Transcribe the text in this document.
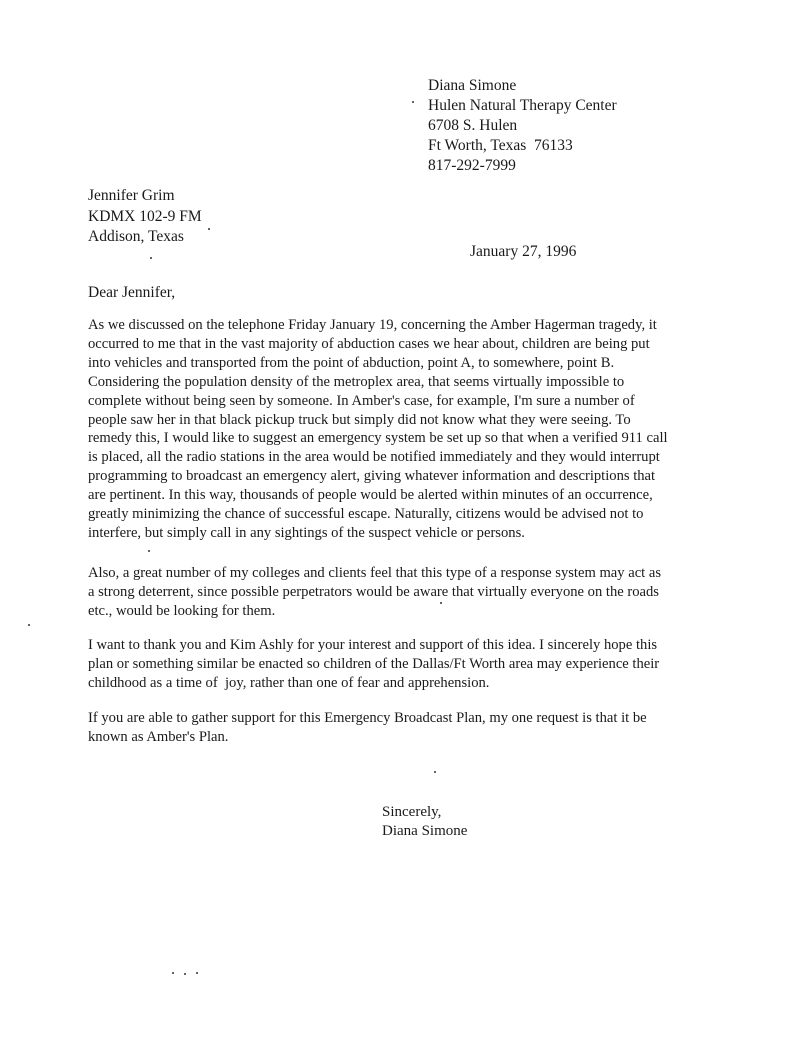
Diana Simone
Hulen Natural Therapy Center
6708 S. Hulen
Ft Worth, Texas  76133
817-292-7999
Jennifer Grim
KDMX 102-9 FM
Addison, Texas
January 27, 1996
Dear Jennifer,
As we discussed on the telephone Friday January 19, concerning the Amber Hagerman tragedy, it
occurred to me that in the vast majority of abduction cases we hear about, children are being put
into vehicles and transported from the point of abduction, point A, to somewhere, point B.
Considering the population density of the metroplex area, that seems virtually impossible to
complete without being seen by someone. In Amber's case, for example, I'm sure a number of
people saw her in that black pickup truck but simply did not know what they were seeing. To
remedy this, I would like to suggest an emergency system be set up so that when a verified 911 call
is placed, all the radio stations in the area would be notified immediately and they would interrupt
programming to broadcast an emergency alert, giving whatever information and descriptions that
are pertinent. In this way, thousands of people would be alerted within minutes of an occurrence,
greatly minimizing the chance of successful escape. Naturally, citizens would be advised not to
interfere, but simply call in any sightings of the suspect vehicle or persons.
Also, a great number of my colleges and clients feel that this type of a response system may act as
a strong deterrent, since possible perpetrators would be aware that virtually everyone on the roads
etc., would be looking for them.
I want to thank you and Kim Ashly for your interest and support of this idea. I sincerely hope this
plan or something similar be enacted so children of the Dallas/Ft Worth area may experience their
childhood as a time of  joy, rather than one of fear and apprehension.
If you are able to gather support for this Emergency Broadcast Plan, my one request is that it be
known as Amber's Plan.
Sincerely,
Diana Simone
